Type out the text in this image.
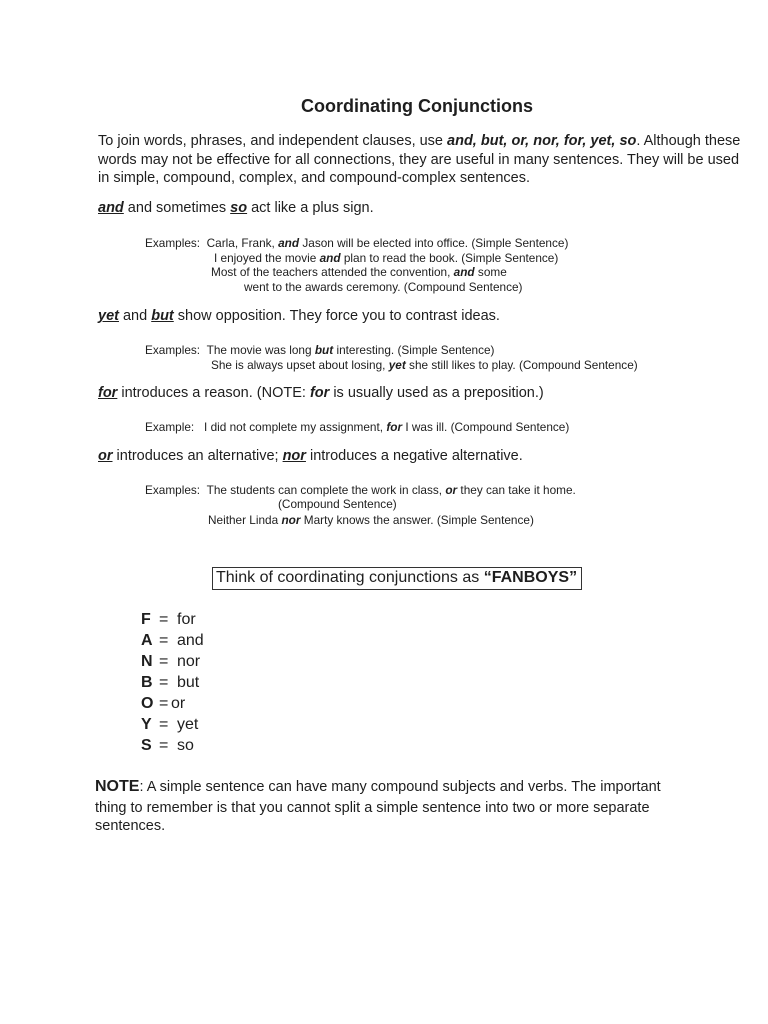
Coordinating Conjunctions
To join words, phrases, and independent clauses, use and, but, or, nor, for, yet, so. Although these
words may not be effective for all connections, they are useful in many sentences. They will be used
in simple, compound, complex, and compound-complex sentences.
and and sometimes so act like a plus sign.
Examples: Carla, Frank, and Jason will be elected into office. (Simple Sentence)
I enjoyed the movie and plan to read the book. (Simple Sentence)
Most of the teachers attended the convention, and some
went to the awards ceremony. (Compound Sentence)
yet and but show opposition. They force you to contrast ideas.
Examples: The movie was long but interesting. (Simple Sentence)
She is always upset about losing, yet she still likes to play. (Compound Sentence)
for introduces a reason. (NOTE: for is usually used as a preposition.)
Example: I did not complete my assignment, for I was ill. (Compound Sentence)
or introduces an alternative; nor introduces a negative alternative.
Examples: The students can complete the work in class, or they can take it home.
(Compound Sentence)
Neither Linda nor Marty knows the answer. (Simple Sentence)
Think of coordinating conjunctions as “FANBOYS”
F = for
A = and
N = nor
B = but
O = or
Y = yet
S = so
NOTE: A simple sentence can have many compound subjects and verbs. The important
thing to remember is that you cannot split a simple sentence into two or more separate
sentences.
